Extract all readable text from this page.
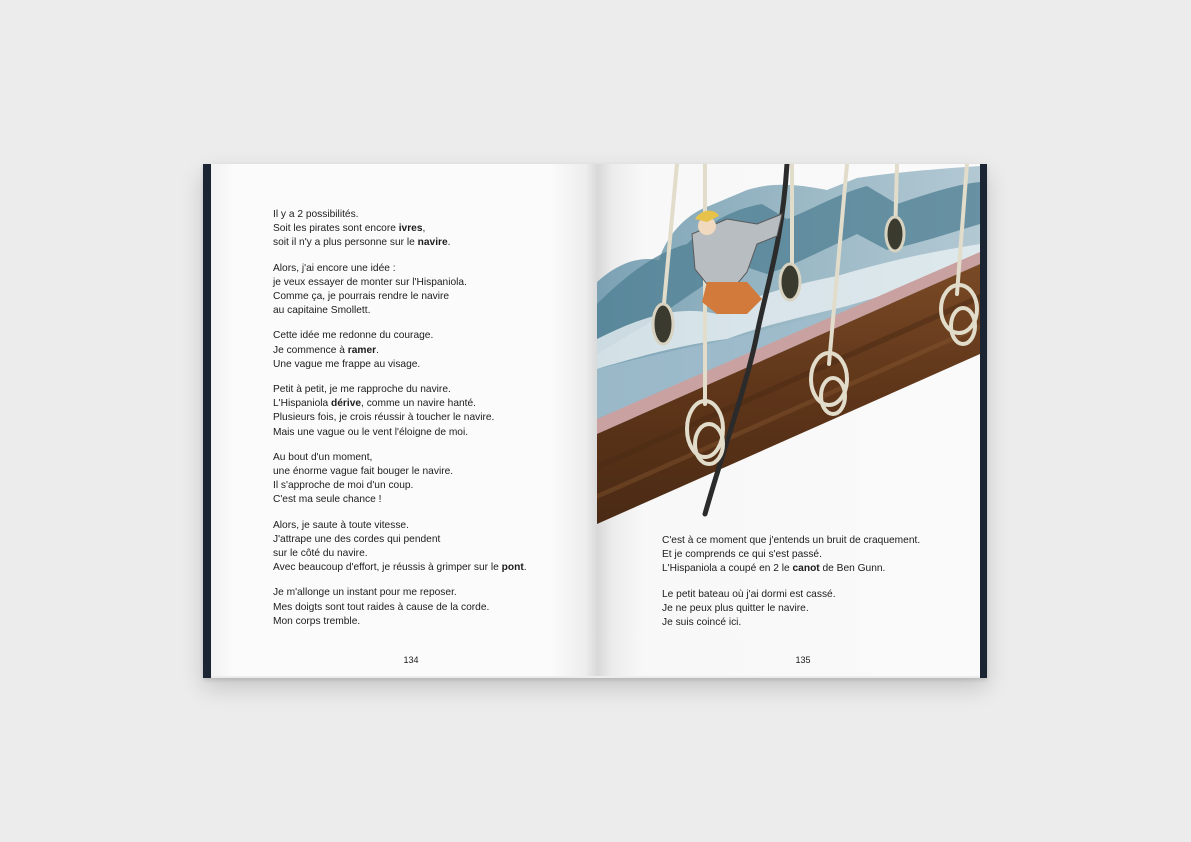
Il y a 2 possibilités.
Soit les pirates sont encore ivres,
soit il n'y a plus personne sur le navire.
Alors, j'ai encore une idée :
je veux essayer de monter sur l'Hispaniola.
Comme ça, je pourrais rendre le navire
au capitaine Smollett.
Cette idée me redonne du courage.
Je commence à ramer.
Une vague me frappe au visage.
Petit à petit, je me rapproche du navire.
L'Hispaniola dérive, comme un navire hanté.
Plusieurs fois, je crois réussir à toucher le navire.
Mais une vague ou le vent l'éloigne de moi.
Au bout d'un moment,
une énorme vague fait bouger le navire.
Il s'approche de moi d'un coup.
C'est ma seule chance !
Alors, je saute à toute vitesse.
J'attrape une des cordes qui pendent
sur le côté du navire.
Avec beaucoup d'effort, je réussis à grimper sur le pont.
Je m'allonge un instant pour me reposer.
Mes doigts sont tout raides à cause de la corde.
Mon corps tremble.
134
C'est à ce moment que j'entends un bruit de craquement.
Et je comprends ce qui s'est passé.
L'Hispaniola a coupé en 2 le canot de Ben Gunn.
Le petit bateau où j'ai dormi est cassé.
Je ne peux plus quitter le navire.
Je suis coincé ici.
135
